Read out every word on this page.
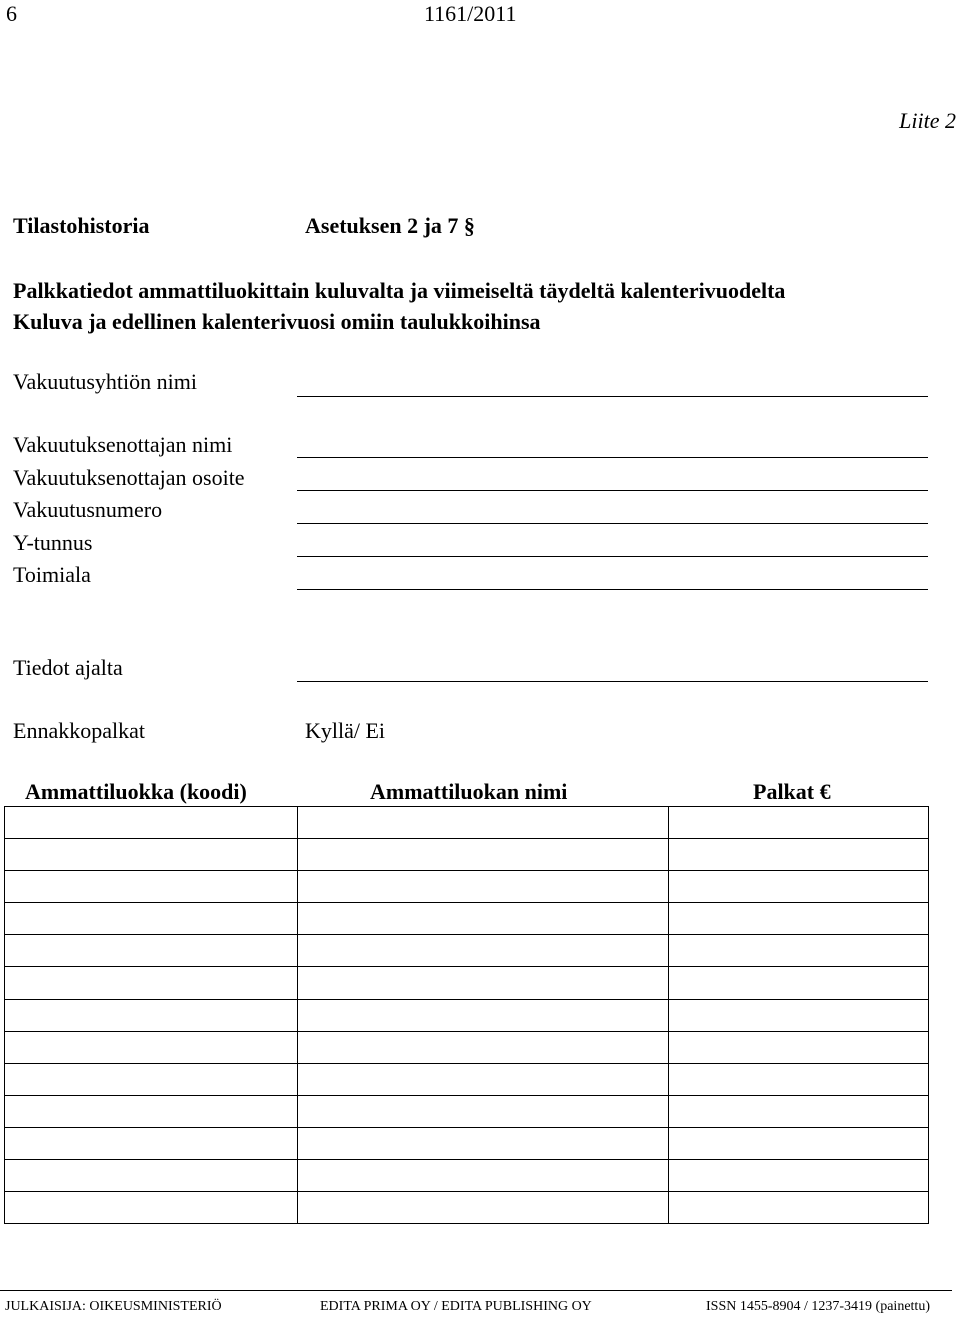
6	1161/2011
Liite 2
Tilastohistoria	Asetuksen 2 ja 7 §
Palkkatiedot ammattiluokittain kuluvalta ja viimeiseltä täydeltä kalenterivuodelta
Kuluva ja edellinen kalenterivuosi omiin taulukkoihinsa
Vakuutusyhtiön nimi
Vakuutuksenottajan nimi
Vakuutuksenottajan osoite
Vakuutusnumero
Y-tunnus
Toimiala
Tiedot ajalta
Ennakkopalkat	Kyllä/ Ei
Ammattiluokka (koodi)	Ammattiluokan nimi	Palkat €

JULKAISIJA: OIKEUSMINISTERIÖ	EDITA PRIMA OY / EDITA PUBLISHING OY	ISSN 1455-8904 / 1237-3419 (painettu)
